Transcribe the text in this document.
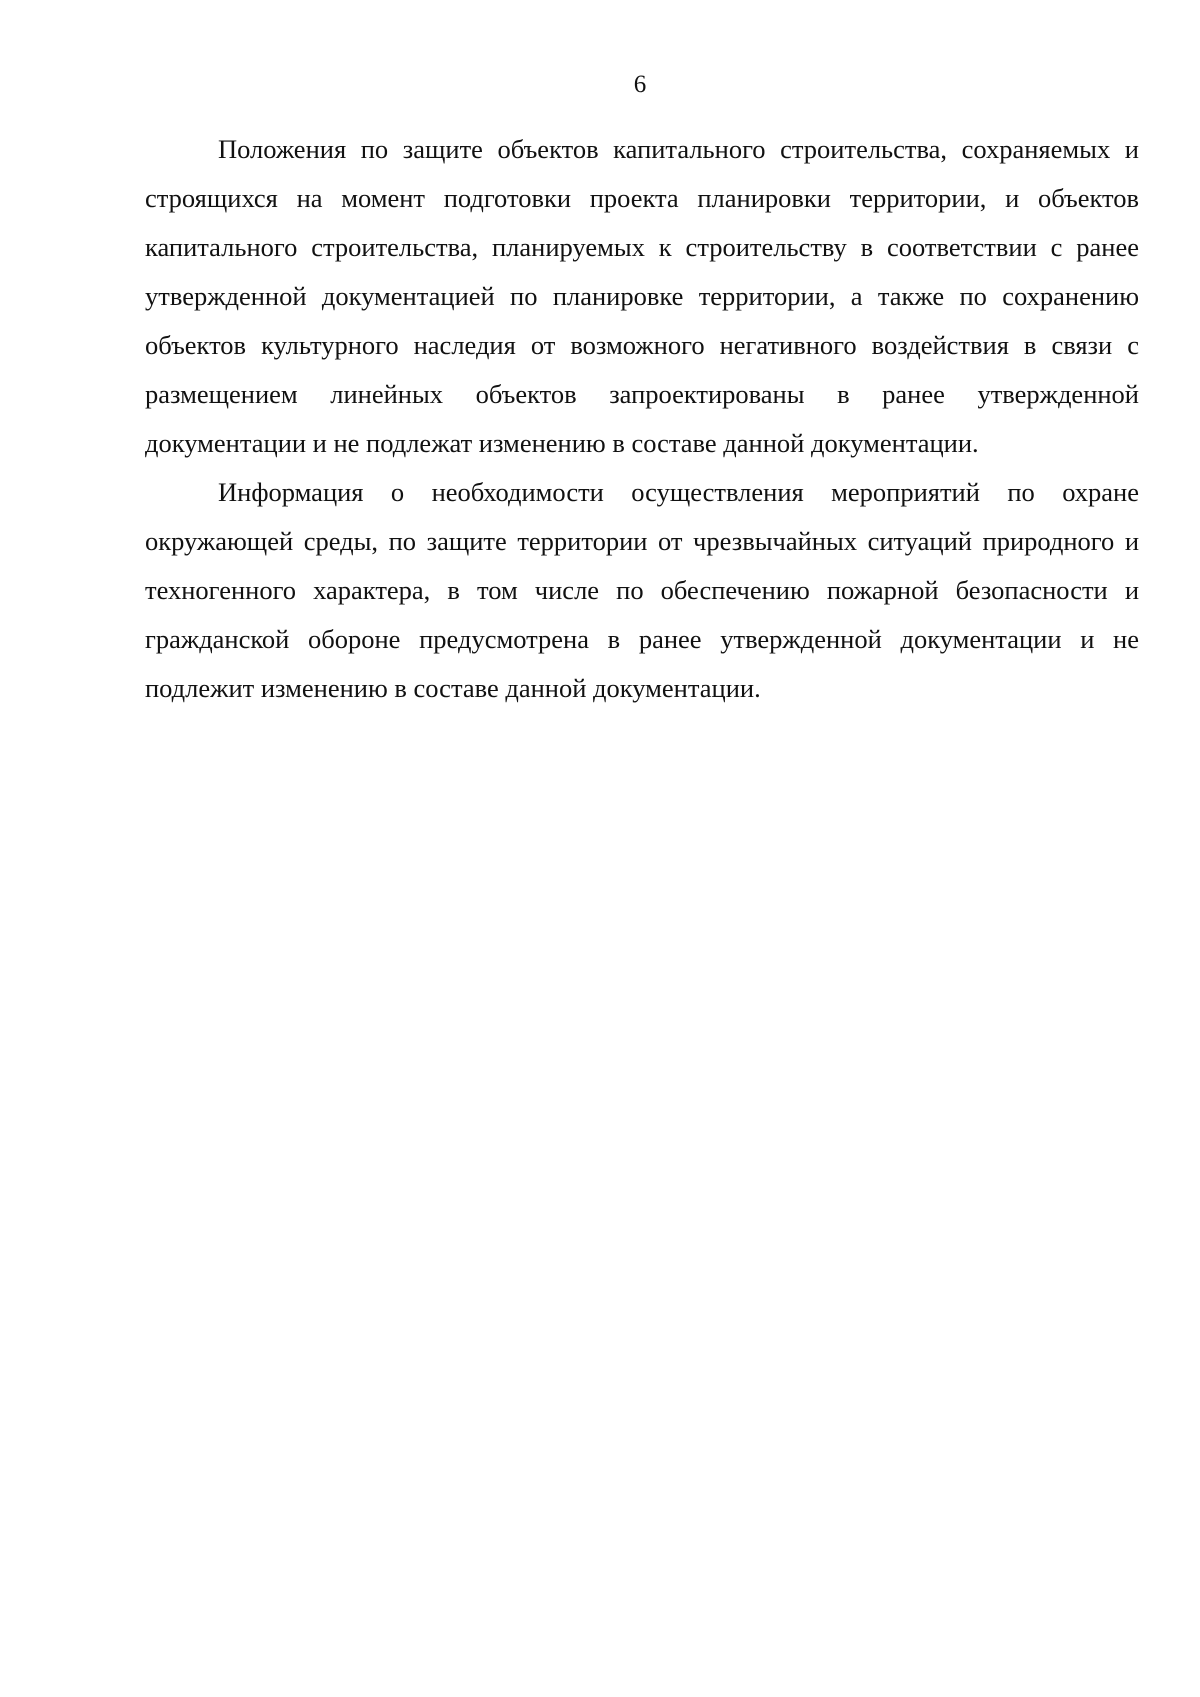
6

Положения по защите объектов капитального строительства, сохраняемых и строящихся на момент подготовки проекта планировки территории, и объектов капитального строительства, планируемых к строительству в соответствии с ранее утвержденной документацией по планировке территории, а также по сохранению объектов культурного наследия от возможного негативного воздействия в связи с размещением линейных объектов запроектированы в ранее утвержденной документации и не подлежат изменению в составе данной документации.

Информация о необходимости осуществления мероприятий по охране окружающей среды, по защите территории от чрезвычайных ситуаций природного и техногенного характера, в том числе по обеспечению пожарной безопасности и гражданской обороне предусмотрена в ранее утвержденной документации и не подлежит изменению в составе данной документации.
